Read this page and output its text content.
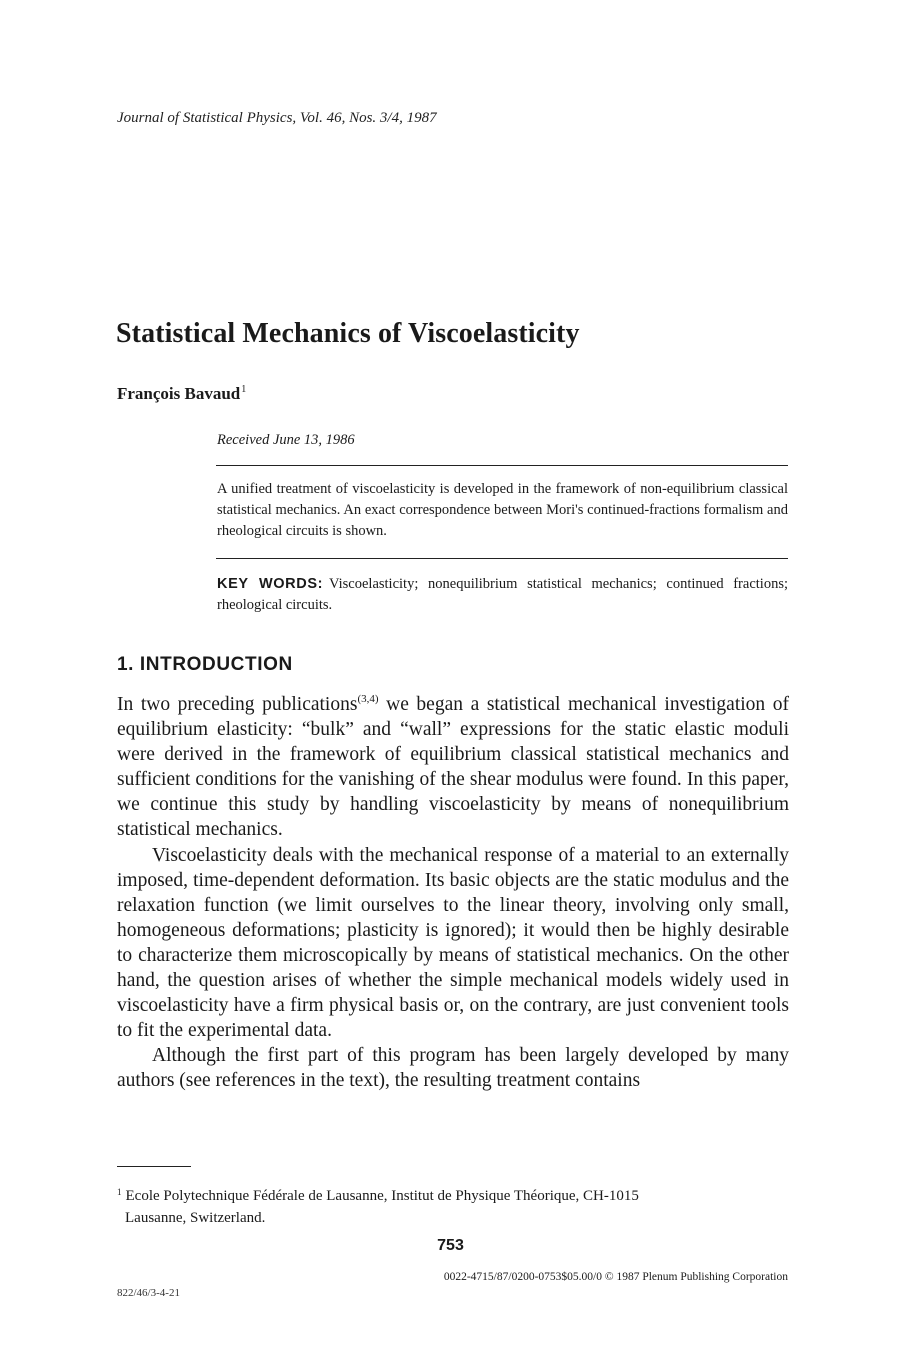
Journal of Statistical Physics, Vol. 46, Nos. 3/4, 1987
Statistical Mechanics of Viscoelasticity
François Bavaud$^1$
Received June 13, 1986
A unified treatment of viscoelasticity is developed in the framework of non-equilibrium classical statistical mechanics. An exact correspondence between Mori's continued-fractions formalism and rheological circuits is shown.
KEY WORDS: Viscoelasticity; nonequilibrium statistical mechanics; continued fractions; rheological circuits.
1. INTRODUCTION

In two preceding publications$^{(3,4)}$ we began a statistical mechanical investigation of equilibrium elasticity: “bulk” and “wall” expressions for the static elastic moduli were derived in the framework of equilibrium classical statistical mechanics and sufficient conditions for the vanishing of the shear modulus were found. In this paper, we continue this study by handling viscoelasticity by means of nonequilibrium statistical mechanics.

Viscoelasticity deals with the mechanical response of a material to an externally imposed, time-dependent deformation. Its basic objects are the static modulus and the relaxation function (we limit ourselves to the linear theory, involving only small, homogeneous deformations; plasticity is ignored); it would then be highly desirable to characterize them microscopically by means of statistical mechanics. On the other hand, the question arises of whether the simple mechanical models widely used in viscoelasticity have a firm physical basis or, on the contrary, are just convenient tools to fit the experimental data.

Although the first part of this program has been largely developed by many authors (see references in the text), the resulting treatment contains

$^1$ Ecole Polytechnique Fédérale de Lausanne, Institut de Physique Théorique, CH-1015
Lausanne, Switzerland.
753
0022-4715/87/0200-0753$05.00/0 © 1987 Plenum Publishing Corporation
822/46/3-4-21
